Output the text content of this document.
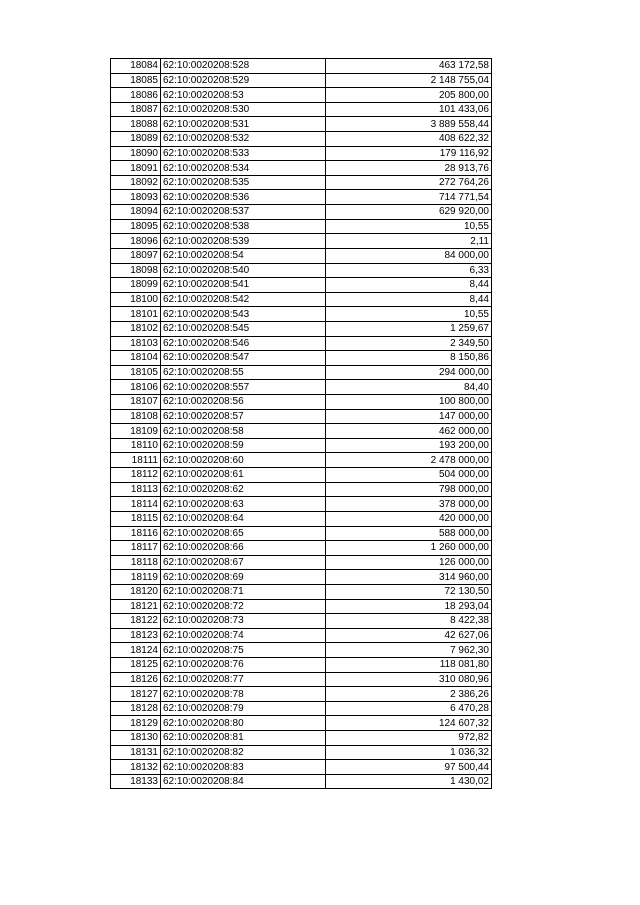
18084	62:10:0020208:528	463 172,58
18085	62:10:0020208:529	2 148 755,04
18086	62:10:0020208:53	205 800,00
18087	62:10:0020208:530	101 433,06
18088	62:10:0020208:531	3 889 558,44
18089	62:10:0020208:532	408 622,32
18090	62:10:0020208:533	179 116,92
18091	62:10:0020208:534	28 913,76
18092	62:10:0020208:535	272 764,26
18093	62:10:0020208:536	714 771,54
18094	62:10:0020208:537	629 920,00
18095	62:10:0020208:538	10,55
18096	62:10:0020208:539	2,11
18097	62:10:0020208:54	84 000,00
18098	62:10:0020208:540	6,33
18099	62:10:0020208:541	8,44
18100	62:10:0020208:542	8,44
18101	62:10:0020208:543	10,55
18102	62:10:0020208:545	1 259,67
18103	62:10:0020208:546	2 349,50
18104	62:10:0020208:547	8 150,86
18105	62:10:0020208:55	294 000,00
18106	62:10:0020208:557	84,40
18107	62:10:0020208:56	100 800,00
18108	62:10:0020208:57	147 000,00
18109	62:10:0020208:58	462 000,00
18110	62:10:0020208:59	193 200,00
18111	62:10:0020208:60	2 478 000,00
18112	62:10:0020208:61	504 000,00
18113	62:10:0020208:62	798 000,00
18114	62:10:0020208:63	378 000,00
18115	62:10:0020208:64	420 000,00
18116	62:10:0020208:65	588 000,00
18117	62:10:0020208:66	1 260 000,00
18118	62:10:0020208:67	126 000,00
18119	62:10:0020208:69	314 960,00
18120	62:10:0020208:71	72 130,50
18121	62:10:0020208:72	18 293,04
18122	62:10:0020208:73	8 422,38
18123	62:10:0020208:74	42 627,06
18124	62:10:0020208:75	7 962,30
18125	62:10:0020208:76	118 081,80
18126	62:10:0020208:77	310 080,96
18127	62:10:0020208:78	2 386,26
18128	62:10:0020208:79	6 470,28
18129	62:10:0020208:80	124 607,32
18130	62:10:0020208:81	972,82
18131	62:10:0020208:82	1 036,32
18132	62:10:0020208:83	97 500,44
18133	62:10:0020208:84	1 430,02
